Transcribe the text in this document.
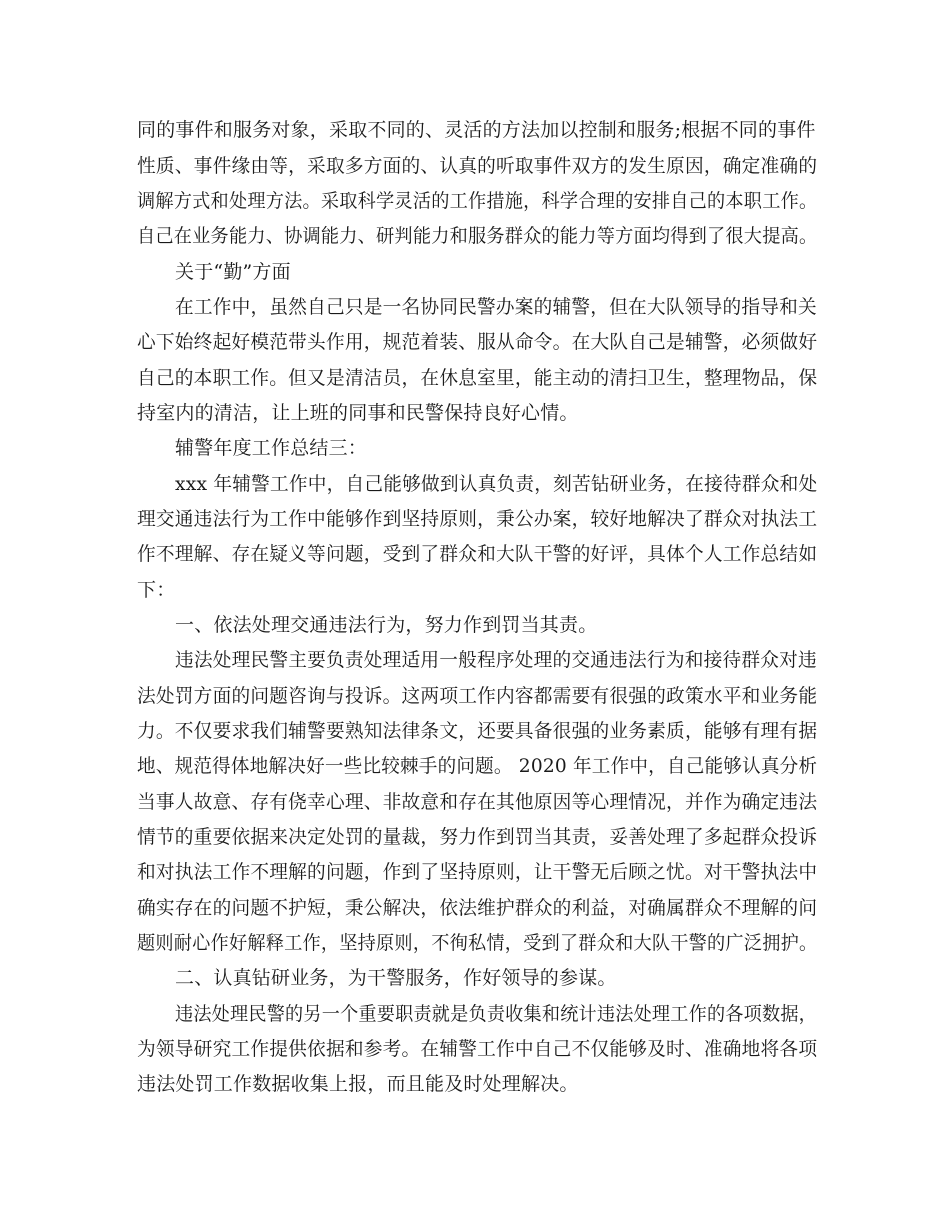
同的事件和服务对象，采取不同的、灵活的方法加以控制和服务;根据不同的事件
性质、事件缘由等，采取多方面的、认真的听取事件双方的发生原因，确定准确的
调解方式和处理方法。采取科学灵活的工作措施，科学合理的安排自己的本职工作。
自己在业务能力、协调能力、研判能力和服务群众的能力等方面均得到了很大提高。
关于“勤”方面
在工作中，虽然自己只是一名协同民警办案的辅警，但在大队领导的指导和关
心下始终起好模范带头作用，规范着装、服从命令。在大队自己是辅警，必须做好
自己的本职工作。但又是清洁员，在休息室里，能主动的清扫卫生，整理物品，保
持室内的清洁，让上班的同事和民警保持良好心情。
辅警年度工作总结三：
xxx 年辅警工作中，自己能够做到认真负责，刻苦钻研业务，在接待群众和处
理交通违法行为工作中能够作到坚持原则，秉公办案，较好地解决了群众对执法工
作不理解、存在疑义等问题，受到了群众和大队干警的好评，具体个人工作总结如
下：
一、依法处理交通违法行为，努力作到罚当其责。
违法处理民警主要负责处理适用一般程序处理的交通违法行为和接待群众对违
法处罚方面的问题咨询与投诉。这两项工作内容都需要有很强的政策水平和业务能
力。不仅要求我们辅警要熟知法律条文，还要具备很强的业务素质，能够有理有据
地、规范得体地解决好一些比较棘手的问题。 2020 年工作中，自己能够认真分析
当事人故意、存有侥幸心理、非故意和存在其他原因等心理情况，并作为确定违法
情节的重要依据来决定处罚的量裁，努力作到罚当其责，妥善处理了多起群众投诉
和对执法工作不理解的问题，作到了坚持原则，让干警无后顾之忧。对干警执法中
确实存在的问题不护短，秉公解决，依法维护群众的利益，对确属群众不理解的问
题则耐心作好解释工作，坚持原则，不徇私情，受到了群众和大队干警的广泛拥护。
二、认真钻研业务，为干警服务，作好领导的参谋。
违法处理民警的另一个重要职责就是负责收集和统计违法处理工作的各项数据，
为领导研究工作提供依据和参考。在辅警工作中自己不仅能够及时、准确地将各项
违法处罚工作数据收集上报，而且能及时处理解决。
